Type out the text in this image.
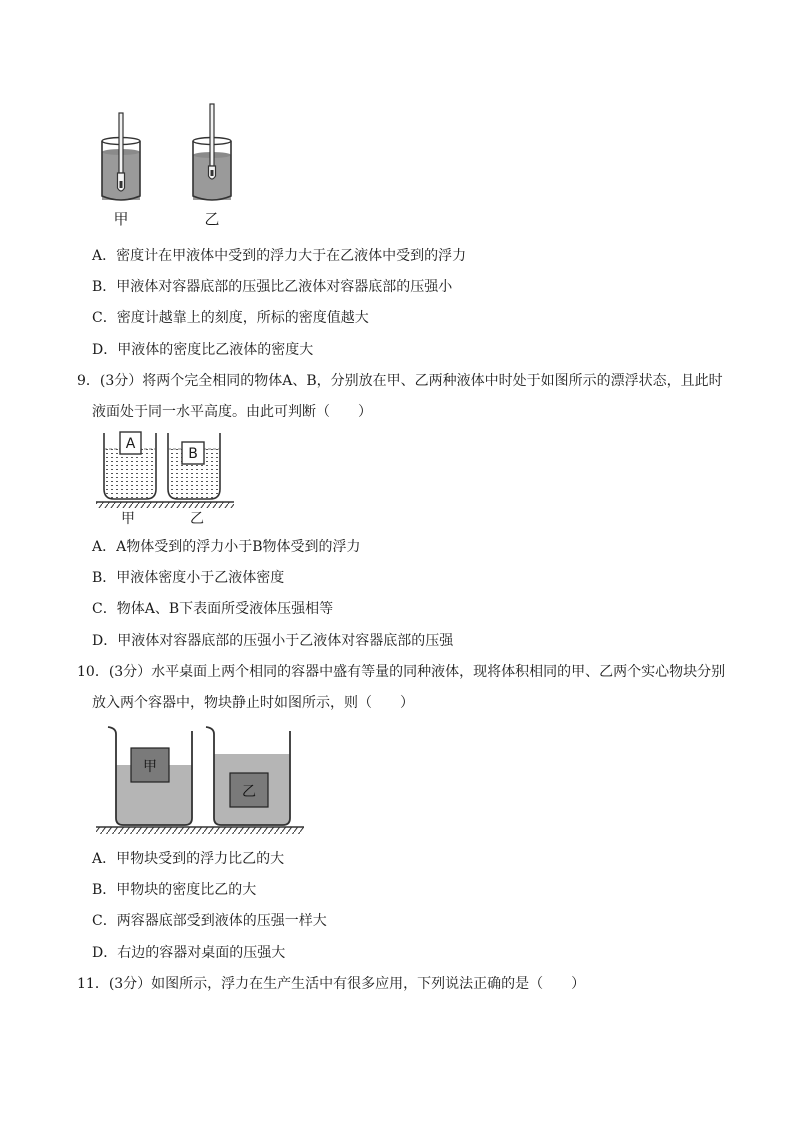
甲	乙
A．密度计在甲液体中受到的浮力大于在乙液体中受到的浮力
B．甲液体对容器底部的压强比乙液体对容器底部的压强小
C．密度计越靠上的刻度，所标的密度值越大
D．甲液体的密度比乙液体的密度大
9．(3分）将两个完全相同的物体A、B，分别放在甲、乙两种液体中时处于如图所示的漂浮状态，且此时
液面处于同一水平高度。由此可判断（　　）
A
B
甲	乙
A．A物体受到的浮力小于B物体受到的浮力
B．甲液体密度小于乙液体密度
C．物体A、B下表面所受液体压强相等
D．甲液体对容器底部的压强小于乙液体对容器底部的压强
10．(3分）水平桌面上两个相同的容器中盛有等量的同种液体，现将体积相同的甲、乙两个实心物块分别
放入两个容器中，物块静止时如图所示，则（　　）
甲
乙
A．甲物块受到的浮力比乙的大
B．甲物块的密度比乙的大
C．两容器底部受到液体的压强一样大
D．右边的容器对桌面的压强大
11．(3分）如图所示，浮力在生产生活中有很多应用，下列说法正确的是（　　）
